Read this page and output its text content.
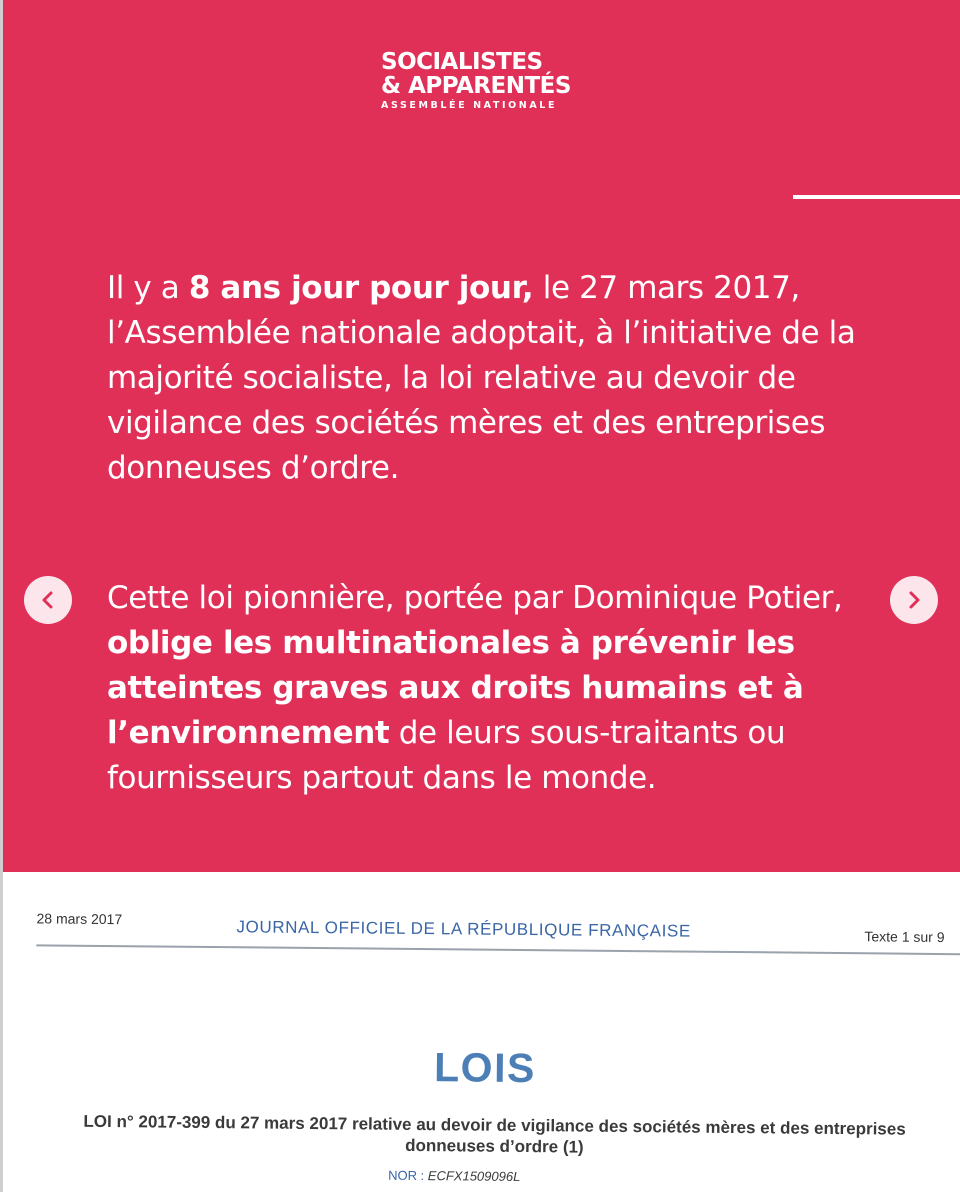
SOCIALISTES
& APPARENTÉS
ASSEMBLÉE NATIONALE

Il y a 8 ans jour pour jour, le 27 mars 2017, l’Assemblée nationale adoptait, à l’initiative de la majorité socialiste, la loi relative au devoir de vigilance des sociétés mères et des entreprises donneuses d’ordre.

Cette loi pionnière, portée par Dominique Potier, oblige les multinationales à prévenir les atteintes graves aux droits humains et à l’environnement de leurs sous-traitants ou fournisseurs partout dans le monde.

28 mars 2017	JOURNAL OFFICIEL DE LA RÉPUBLIQUE FRANÇAISE	Texte 1 sur 9
LOIS
LOI n° 2017-399 du 27 mars 2017 relative au devoir de vigilance des sociétés mères et des entreprises donneuses d’ordre (1)
NOR : ECFX1509096L
